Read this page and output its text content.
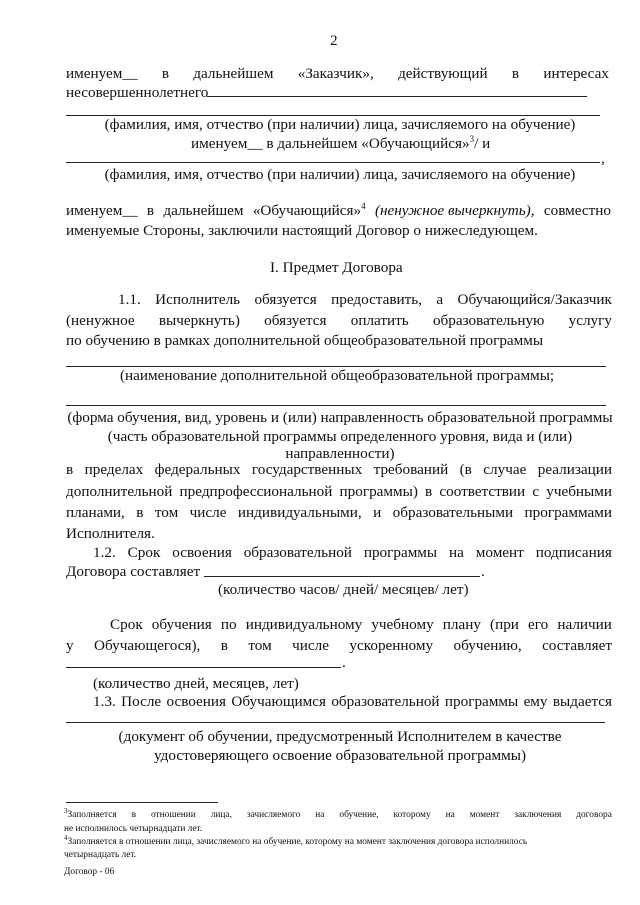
2
именуем__ в дальнейшем «Заказчик», действующий в интересах
несовершеннолетнего
(фамилия, имя, отчество (при наличии) лица, зачисляемого на обучение)
именуем__ в дальнейшем «Обучающийся»$^3$/ и
,
(фамилия, имя, отчество (при наличии) лица, зачисляемого на обучение)
именуем__ в дальнейшем «Обучающийся»$^4$ (ненужное вычеркнуть), совместно
именуемые Стороны, заключили настоящий Договор о нижеследующем.
I. Предмет Договора
1.1. Исполнитель обязуется предоставить, а Обучающийся/Заказчик
(ненужное вычеркнуть) обязуется оплатить образовательную услугу
по обучению в рамках дополнительной общеобразовательной программы
(наименование дополнительной общеобразовательной программы;
(форма обучения, вид, уровень и (или) направленность образовательной программы
(часть образовательной программы определенного уровня, вида и (или)
направленности)
в пределах федеральных государственных требований (в случае реализации
дополнительной предпрофессиональной программы) в соответствии с учебными
планами, в том числе индивидуальными, и образовательными программами
Исполнителя.
1.2. Срок освоения образовательной программы на момент подписания
Договора составляет	.
(количество часов/ дней/ месяцев/ лет)
Срок обучения по индивидуальному учебному плану (при его наличии
у Обучающегося), в том числе ускоренному обучению, составляет
.
(количество дней, месяцев, лет)
1.3. После освоения Обучающимся образовательной программы ему выдается
(документ об обучении, предусмотренный Исполнителем в качестве
удостоверяющего освоение образовательной программы)
$^3$Заполняется в отношении лица, зачисляемого на обучение, которому на момент заключения договора
не исполнилось четырнадцати лет.
$^4$Заполняется в отношении лица, зачисляемого на обучение, которому на момент заключения договора исполнилось
четырнадцать лет.
Договор - 06
